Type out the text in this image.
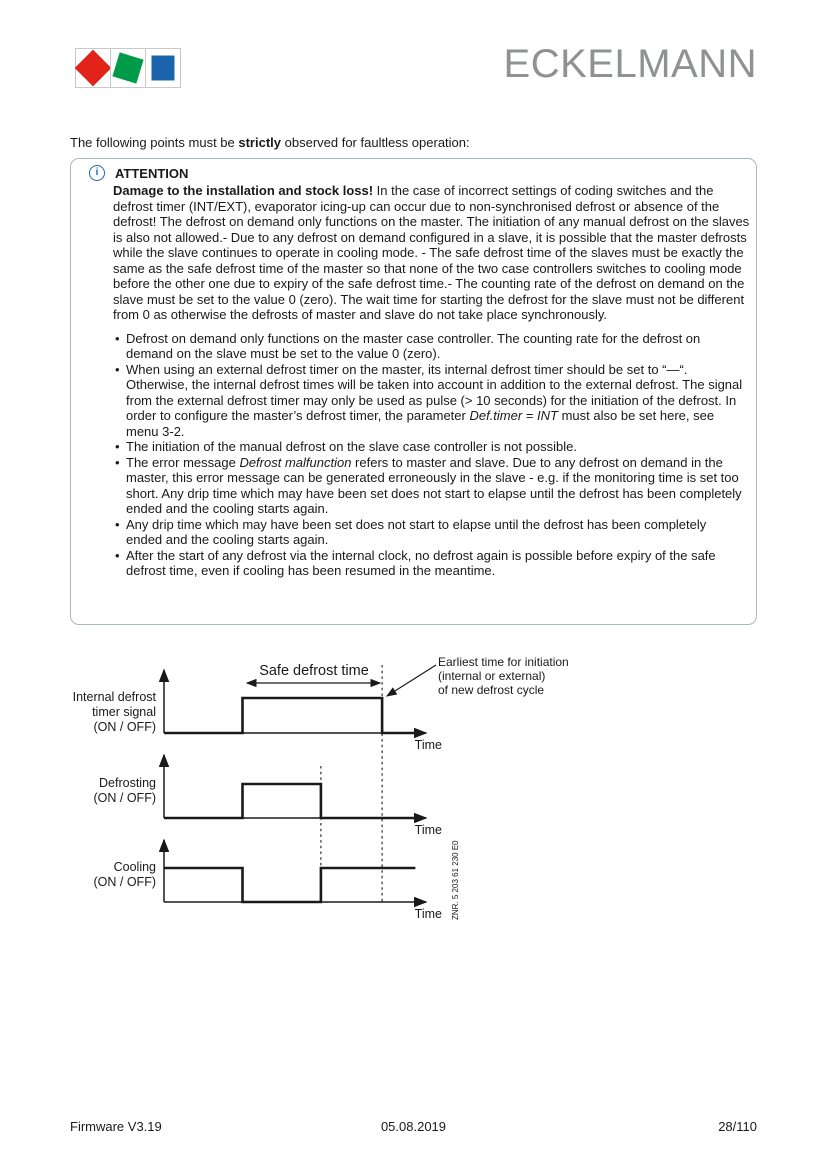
ECKELMANN

The following points must be strictly observed for faultless operation:

i	ATTENTION

Damage to the installation and stock loss! In the case of incorrect settings of coding switches and the defrost timer (INT/EXT), evaporator icing-up can occur due to non-synchronised defrost or absence of the defrost! The defrost on demand only functions on the master. The initiation of any manual defrost on the slaves is also not allowed.- Due to any defrost on demand configured in a slave, it is possible that the master defrosts while the slave continues to operate in cooling mode. - The safe defrost time of the slaves must be exactly the same as the safe defrost time of the master so that none of the two case controllers switches to cooling mode before the other one due to expiry of the safe defrost time.- The counting rate of the defrost on demand on the slave must be set to the value 0 (zero). The wait time for starting the defrost for the slave must not be different from 0 as otherwise the defrosts of master and slave do not take place synchronously.

• Defrost on demand only functions on the master case controller. The counting rate for the defrost on demand on the slave must be set to the value 0 (zero).
• When using an external defrost timer on the master, its internal defrost timer should be set to “—“. Otherwise, the internal defrost times will be taken into account in addition to the external defrost. The signal from the external defrost timer may only be used as pulse (> 10 seconds) for the initiation of the defrost. In order to configure the master’s defrost timer, the parameter Def.timer = INT must also be set here, see menu 3-2.
• The initiation of the manual defrost on the slave case controller is not possible.
• The error message Defrost malfunction refers to master and slave. Due to any defrost on demand in the master, this error message can be generated erroneously in the slave - e.g. if the monitoring time is set too short. Any drip time which may have been set does not start to elapse until the defrost has been completely ended and the cooling starts again.
• Any drip time which may have been set does not start to elapse until the defrost has been completely ended and the cooling starts again.
• After the start of any defrost via the internal clock, no defrost again is possible before expiry of the safe defrost time, even if cooling has been resumed in the meantime.
Internal defrost timer signal (ON / OFF)
Time
Safe defrost time
Earliest time for initiation (internal or external) of new defrost cycle
Defrosting (ON / OFF)
Time
Cooling (ON / OFF)
Time ZNR. 5 203 61 230 E0
Firmware V3.19	05.08.2019	28/110
